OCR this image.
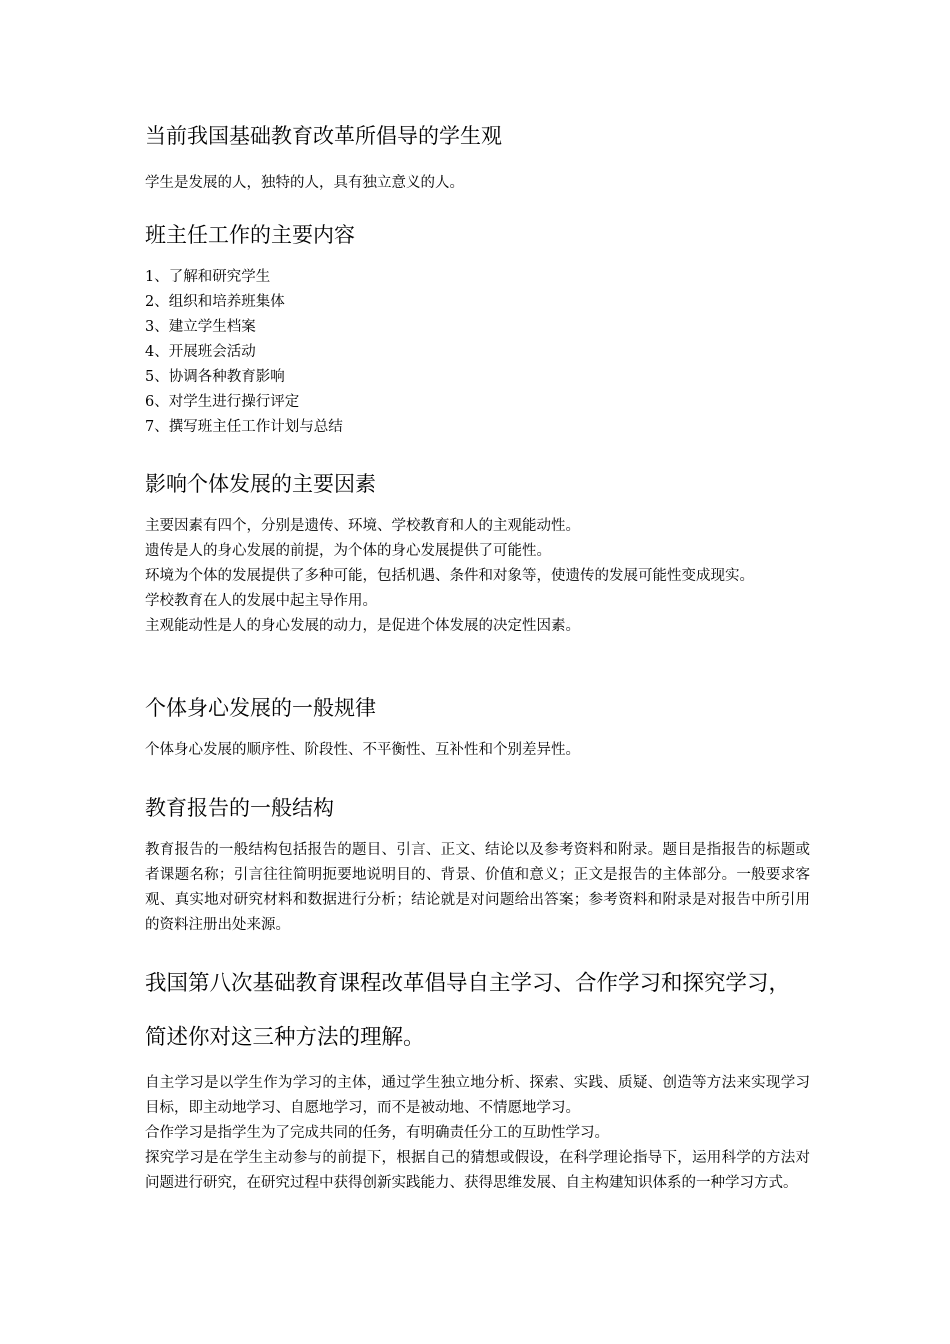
当前我国基础教育改革所倡导的学生观
学生是发展的人，独特的人，具有独立意义的人。
班主任工作的主要内容
1、了解和研究学生
2、组织和培养班集体
3、建立学生档案
4、开展班会活动
5、协调各种教育影响
6、对学生进行操行评定
7、撰写班主任工作计划与总结
影响个体发展的主要因素

主要因素有四个，分别是遗传、环境、学校教育和人的主观能动性。

遗传是人的身心发展的前提，为个体的身心发展提供了可能性。

环境为个体的发展提供了多种可能，包括机遇、条件和对象等，使遗传的发展可能性变成现实。

学校教育在人的发展中起主导作用。

主观能动性是人的身心发展的动力，是促进个体发展的决定性因素。

个体身心发展的一般规律
个体身心发展的顺序性、阶段性、不平衡性、互补性和个别差异性。
教育报告的一般结构

教育报告的一般结构包括报告的题目、引言、正文、结论以及参考资料和附录。题目是指报告的标题或者课题名称；引言往往简明扼要地说明目的、背景、价值和意义；正文是报告的主体部分。一般要求客观、真实地对研究材料和数据进行分析；结论就是对问题给出答案；参考资料和附录是对报告中所引用的资料注册出处来源。

我国第八次基础教育课程改革倡导自主学习、合作学习和探究学习，
简述你对这三种方法的理解。

自主学习是以学生作为学习的主体，通过学生独立地分析、探索、实践、质疑、创造等方法来实现学习目标，即主动地学习、自愿地学习，而不是被动地、不情愿地学习。

合作学习是指学生为了完成共同的任务，有明确责任分工的互助性学习。

探究学习是在学生主动参与的前提下，根据自己的猜想或假设，在科学理论指导下，运用科学的方法对问题进行研究，在研究过程中获得创新实践能力、获得思维发展、自主构建知识体系的一种学习方式。
